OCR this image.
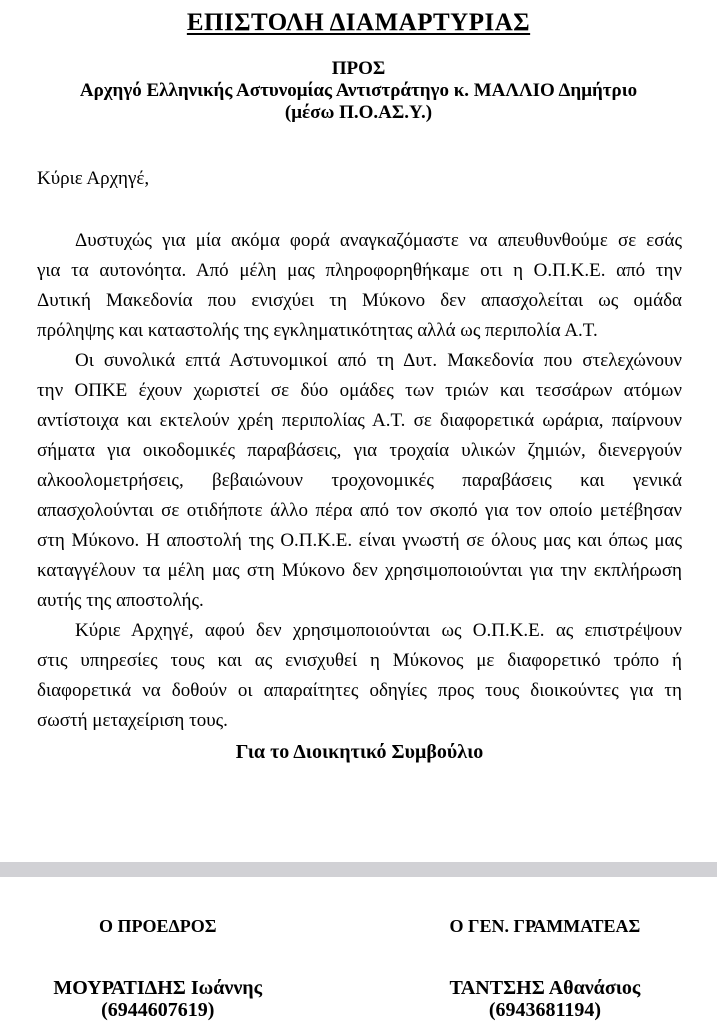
ΕΠΙΣΤΟΛΗ ΔΙΑΜΑΡΤΥΡΙΑΣ
ΠΡΟΣ
Αρχηγό Ελληνικής Αστυνομίας Αντιστράτηγο κ. ΜΑΛΛΙΟ Δημήτριο
(μέσω Π.Ο.ΑΣ.Υ.)
Κύριε Αρχηγέ,
Δυστυχώς για μία ακόμα φορά αναγκαζόμαστε να απευθυνθούμε σε εσάς
για τα αυτονόητα. Από μέλη μας πληροφορηθήκαμε οτι η Ο.Π.Κ.Ε. από την
Δυτική Μακεδονία που ενισχύει τη Μύκονο δεν απασχολείται ως ομάδα
πρόληψης και καταστολής της εγκληματικότητας αλλά ως περιπολία Α.Τ.
Οι συνολικά επτά Αστυνομικοί από τη Δυτ. Μακεδονία που στελεχώνουν
την ΟΠΚΕ έχουν χωριστεί σε δύο ομάδες των τριών και τεσσάρων ατόμων
αντίστοιχα και εκτελούν χρέη περιπολίας Α.Τ. σε διαφορετικά ωράρια, παίρνουν
σήματα για οικοδομικές παραβάσεις, για τροχαία υλικών ζημιών, διενεργούν
αλκοολομετρήσεις, βεβαιώνουν τροχονομικές παραβάσεις και γενικά
απασχολούνται σε οτιδήποτε άλλο πέρα από τον σκοπό για τον οποίο μετέβησαν
στη Μύκονο. Η αποστολή της Ο.Π.Κ.Ε. είναι γνωστή σε όλους μας και όπως μας
καταγγέλουν τα μέλη μας στη Μύκονο δεν χρησιμοποιούνται για την εκπλήρωση
αυτής της αποστολής.
Κύριε Αρχηγέ, αφού δεν χρησιμοποιούνται ως Ο.Π.Κ.Ε. ας επιστρέψουν
στις υπηρεσίες τους και ας ενισχυθεί η Μύκονος με διαφορετικό τρόπο ή
διαφορετικά να δοθούν οι απαραίτητες οδηγίες προς τους διοικούντες για τη
σωστή μεταχείριση τους.
Για το Διοικητικό Συμβούλιο
Ο ΠΡΟΕΔΡΟΣ
ΜΟΥΡΑΤΙΔΗΣ Ιωάννης
(6944607619)
Ο ΓΕΝ. ΓΡΑΜΜΑΤΕΑΣ
ΤΑΝΤΣΗΣ Αθανάσιος
(6943681194)
